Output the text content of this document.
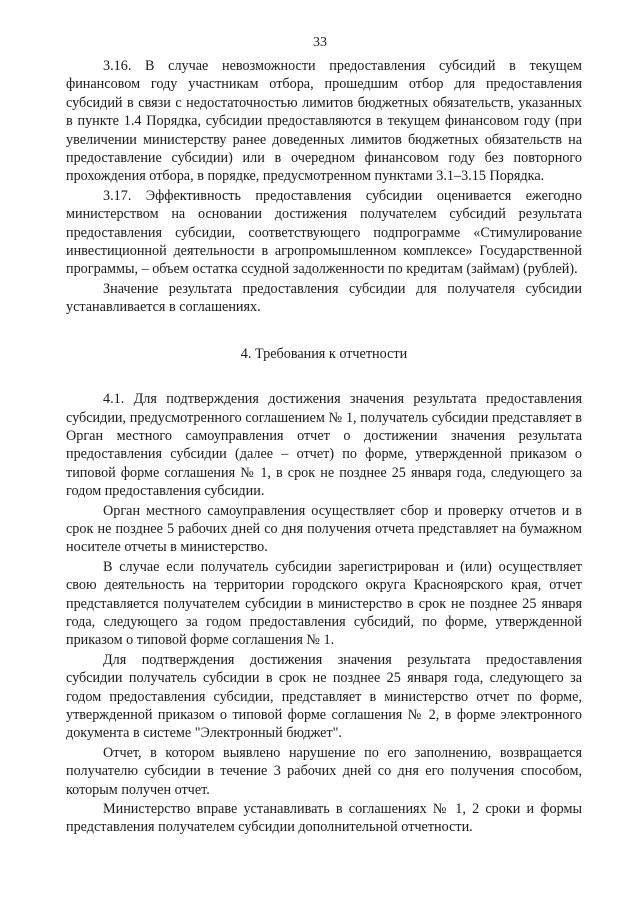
33

3.16. В случае невозможности предоставления субсидий в текущем финансовом году участникам отбора, прошедшим отбор для предоставления субсидий в связи с недостаточностью лимитов бюджетных обязательств, указанных в пункте 1.4 Порядка, субсидии предоставляются в текущем финансовом году (при увеличении министерству ранее доведенных лимитов бюджетных обязательств на предоставление субсидии) или в очередном финансовом году без повторного прохождения отбора, в порядке, предусмотренном пунктами 3.1–3.15 Порядка.

3.17. Эффективность предоставления субсидии оценивается ежегодно министерством на основании достижения получателем субсидий результата предоставления субсидии, соответствующего подпрограмме «Стимулирование инвестиционной деятельности в агропромышленном комплексе» Государственной программы, – объем остатка ссудной задолженности по кредитам (займам) (рублей).

Значение результата предоставления субсидии для получателя субсидии устанавливается в соглашениях.

4. Требования к отчетности

4.1. Для подтверждения достижения значения результата предоставления субсидии, предусмотренного соглашением № 1, получатель субсидии представляет в Орган местного самоуправления отчет о достижении значения результата предоставления субсидии (далее – отчет) по форме, утвержденной приказом о типовой форме соглашения № 1, в срок не позднее 25 января года, следующего за годом предоставления субсидии.

Орган местного самоуправления осуществляет сбор и проверку отчетов и в срок не позднее 5 рабочих дней со дня получения отчета представляет на бумажном носителе отчеты в министерство.

В случае если получатель субсидии зарегистрирован и (или) осуществляет свою деятельность на территории городского округа Красноярского края, отчет представляется получателем субсидии в министерство в срок не позднее 25 января года, следующего за годом предоставления субсидий, по форме, утвержденной приказом о типовой форме соглашения № 1.

Для подтверждения достижения значения результата предоставления субсидии получатель субсидии в срок не позднее 25 января года, следующего за годом предоставления субсидии, представляет в министерство отчет по форме, утвержденной приказом о типовой форме соглашения № 2, в форме электронного документа в системе "Электронный бюджет".

Отчет, в котором выявлено нарушение по его заполнению, возвращается получателю субсидии в течение 3 рабочих дней со дня его получения способом, которым получен отчет.

Министерство вправе устанавливать в соглашениях № 1, 2 сроки и формы представления получателем субсидии дополнительной отчетности.
